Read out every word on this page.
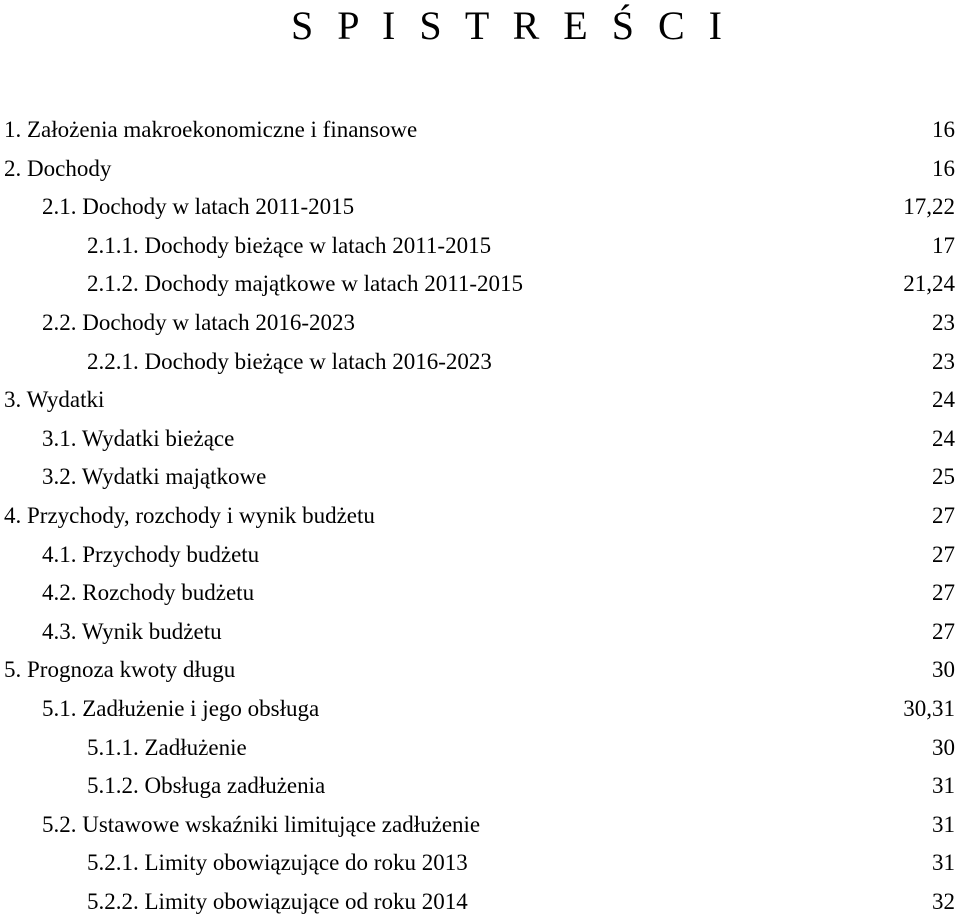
S P I S T R E Ś C I
1. Założenia makroekonomiczne i finansowe	16
2. Dochody	16
2.1. Dochody w latach 2011-2015	17,22
2.1.1. Dochody bieżące w latach 2011-2015	17
2.1.2. Dochody majątkowe w latach 2011-2015	21,24
2.2. Dochody w latach 2016-2023	23
2.2.1. Dochody bieżące w latach 2016-2023	23
3. Wydatki	24
3.1. Wydatki bieżące	24
3.2. Wydatki majątkowe	25
4. Przychody, rozchody i wynik budżetu	27
4.1. Przychody budżetu	27
4.2. Rozchody budżetu	27
4.3. Wynik budżetu	27
5. Prognoza kwoty długu	30
5.1. Zadłużenie i jego obsługa	30,31
5.1.1. Zadłużenie	30
5.1.2. Obsługa zadłużenia	31
5.2. Ustawowe wskaźniki limitujące zadłużenie	31
5.2.1. Limity obowiązujące do roku 2013	31
5.2.2. Limity obowiązujące od roku 2014	32
